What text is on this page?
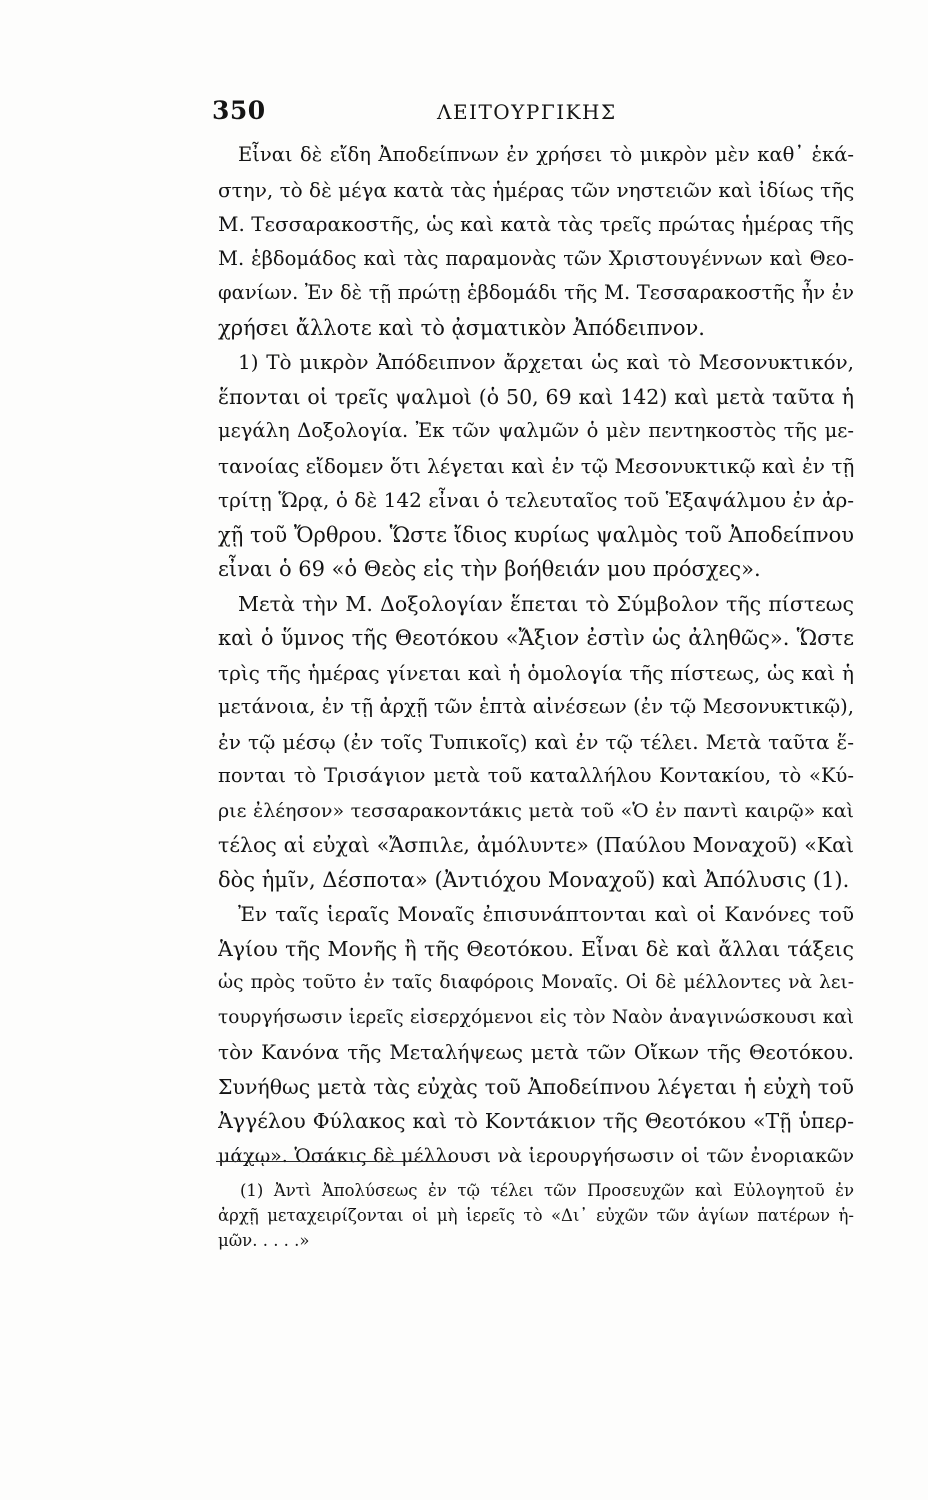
350	ΛΕΙΤΟΥΡΓΙΚΗΣ
Εἶναι δὲ εἴδη Ἀποδείπνων ἐν χρήσει τὸ μικρὸν μὲν καθ᾽ ἑκά-
στην, τὸ δὲ μέγα κατὰ τὰς ἡμέρας τῶν νηστειῶν καὶ ἰδίως τῆς
Μ. Τεσσαρακοστῆς, ὡς καὶ κατὰ τὰς τρεῖς πρώτας ἡμέρας τῆς
Μ. ἑβδομάδος καὶ τὰς παραμονὰς τῶν Χριστουγέννων καὶ Θεο-
φανίων. Ἐν δὲ τῇ πρώτῃ ἑβδομάδι τῆς Μ. Τεσσαρακοστῆς ἦν ἐν
χρήσει ἄλλοτε καὶ τὸ ᾀσματικὸν Ἀπόδειπνον.
1) Τὸ μικρὸν Ἀπόδειπνον ἄρχεται ὡς καὶ τὸ Μεσονυκτικόν,
ἕπονται οἱ τρεῖς ψαλμοὶ (ὁ 50, 69 καὶ 142) καὶ μετὰ ταῦτα ἡ
μεγάλη Δοξολογία. Ἐκ τῶν ψαλμῶν ὁ μὲν πεντηκοστὸς τῆς με-
τανοίας εἴδομεν ὅτι λέγεται καὶ ἐν τῷ Μεσονυκτικῷ καὶ ἐν τῇ
τρίτῃ Ὥρᾳ, ὁ δὲ 142 εἶναι ὁ τελευταῖος τοῦ Ἑξαψάλμου ἐν ἀρ-
χῇ τοῦ Ὄρθρου. Ὥστε ἴδιος κυρίως ψαλμὸς τοῦ Ἀποδείπνου
εἶναι ὁ 69 «ὁ Θεὸς εἰς τὴν βοήθειάν μου πρόσχες».
Μετὰ τὴν Μ. Δοξολογίαν ἕπεται τὸ Σύμβολον τῆς πίστεως
καὶ ὁ ὕμνος τῆς Θεοτόκου «Ἄξιον ἐστὶν ὡς ἀληθῶς». Ὥστε
τρὶς τῆς ἡμέρας γίνεται καὶ ἡ ὁμολογία τῆς πίστεως, ὡς καὶ ἡ
μετάνοια, ἐν τῇ ἀρχῇ τῶν ἑπτὰ αἰνέσεων (ἐν τῷ Μεσονυκτικῷ),
ἐν τῷ μέσῳ (ἐν τοῖς Τυπικοῖς) καὶ ἐν τῷ τέλει. Μετὰ ταῦτα ἕ-
πονται τὸ Τρισάγιον μετὰ τοῦ καταλλήλου Κοντακίου, τὸ «Κύ-
ριε ἐλέησον» τεσσαρακοντάκις μετὰ τοῦ «Ὁ ἐν παντὶ καιρῷ» καὶ
τέλος αἱ εὐχαὶ «Ἄσπιλε, ἀμόλυντε» (Παύλου Μοναχοῦ) «Καὶ
δὸς ἡμῖν, Δέσποτα» (Ἀντιόχου Μοναχοῦ) καὶ Ἀπόλυσις (1).
Ἐν ταῖς ἱεραῖς Μοναῖς ἐπισυνάπτονται καὶ οἱ Κανόνες τοῦ
Ἁγίου τῆς Μονῆς ἢ τῆς Θεοτόκου. Εἶναι δὲ καὶ ἄλλαι τάξεις
ὡς πρὸς τοῦτο ἐν ταῖς διαφόροις Μοναῖς. Οἱ δὲ μέλλοντες νὰ λει-
τουργήσωσιν ἱερεῖς εἰσερχόμενοι εἰς τὸν Ναὸν ἀναγινώσκουσι καὶ
τὸν Κανόνα τῆς Μεταλήψεως μετὰ τῶν Οἴκων τῆς Θεοτόκου.
Συνήθως μετὰ τὰς εὐχὰς τοῦ Ἀποδείπνου λέγεται ἡ εὐχὴ τοῦ
Ἀγγέλου Φύλακος καὶ τὸ Κοντάκιον τῆς Θεοτόκου «Τῇ ὑπερ-
μάχῳ». Ὁσάκις δὲ μέλλουσι νὰ ἱερουργήσωσιν οἱ τῶν ἐνοριακῶν
(1) Ἀντὶ Ἀπολύσεως ἐν τῷ τέλει τῶν Προσευχῶν καὶ Εὐλογητοῦ ἐν
ἀρχῇ μεταχειρίζονται οἱ μὴ ἱερεῖς τὸ «Δι᾽ εὐχῶν τῶν ἁγίων πατέρων ἡ-
μῶν. . . . .»
